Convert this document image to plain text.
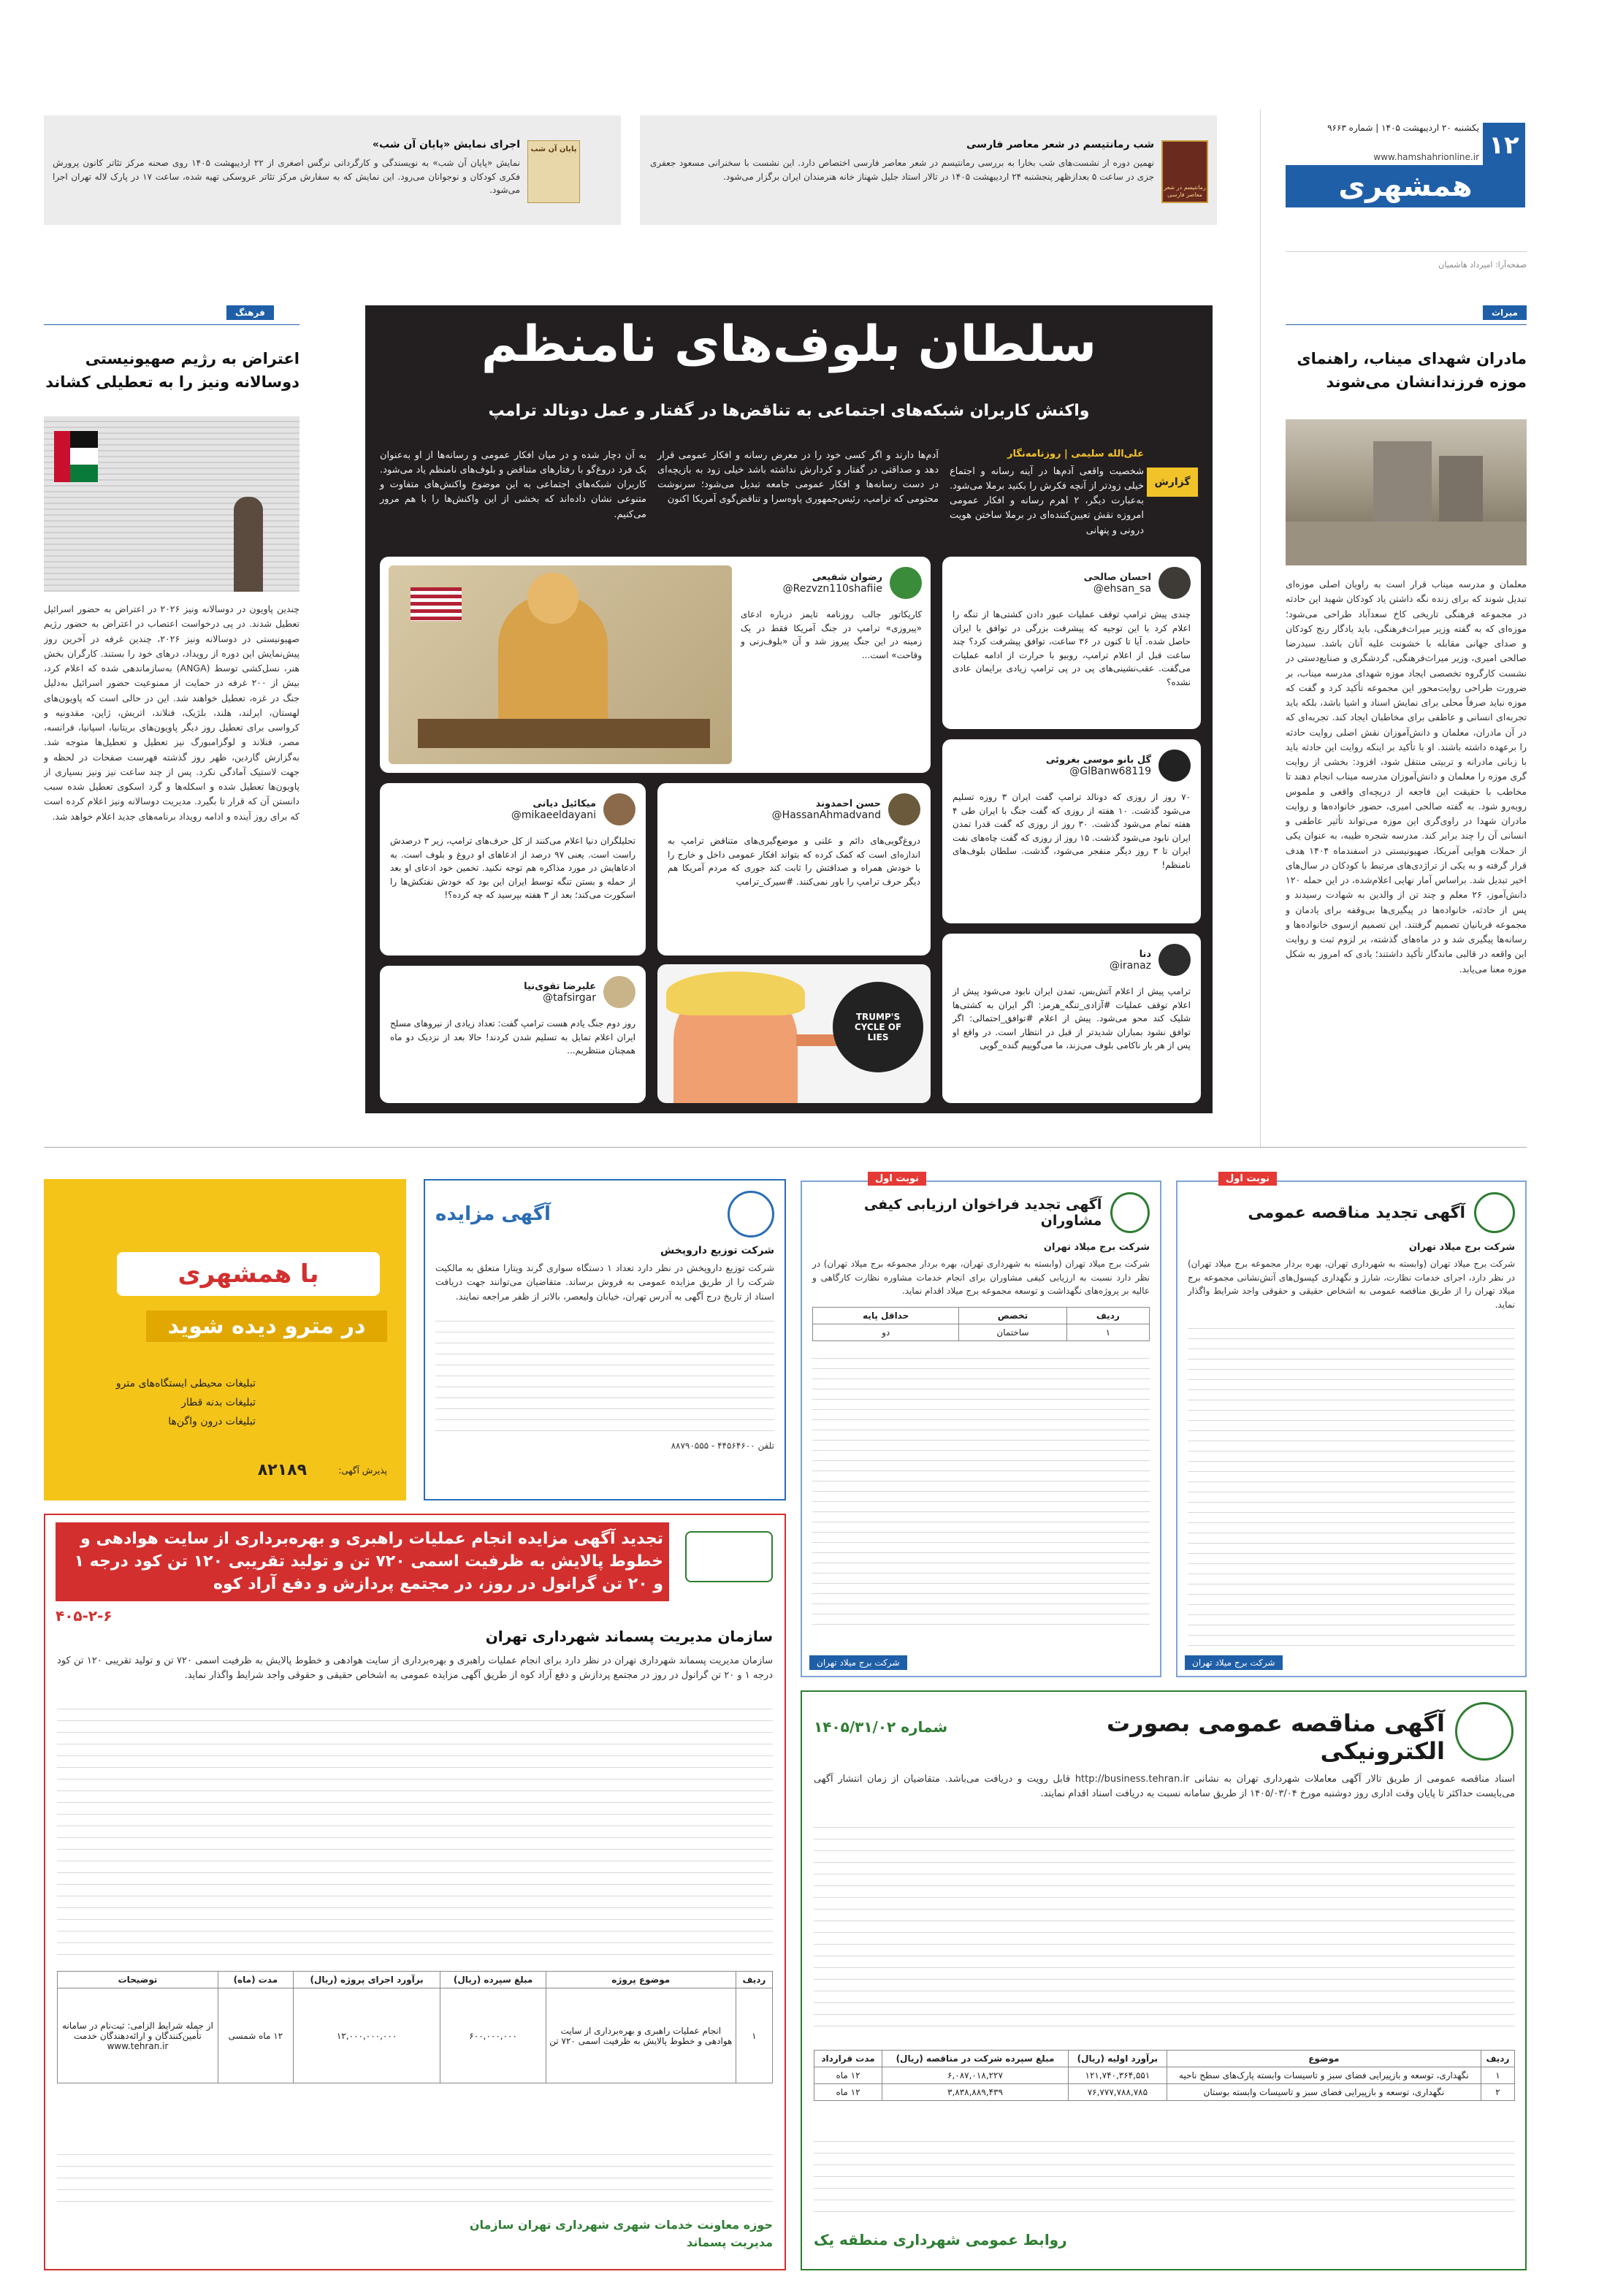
۱۲
یکشنبه ۲۰ اردیبهشت ۱۴۰۵ | شماره ۹۶۶۳
www.hamshahrionline.ir
همشهری
صفحه‌آرا: امیرداد هاشمیان
رمانتیسم در شعر معاصر فارسی
شب رمانتیسم در شعر معاصر فارسی
نهمین دوره از نشست‌های شب بخارا به بررسی رمانتیسم در شعر معاصر فارسی اختصاص دارد. این نشست با سخنرانی مسعود جعفری جزی در ساعت ۵ بعدازظهر پنجشنبه ۲۴ اردیبهشت ۱۴۰۵ در تالار استاد جلیل شهناز خانه هنرمندان ایران برگزار می‌شود.
پایان آن شب
اجرای نمایش «پایان آن شب»
نمایش «پایان آن شب» به نویسندگی و کارگردانی نرگس اصغری از ۲۲ اردیبهشت ۱۴۰۵ روی صحنه مرکز تئاتر کانون پرورش فکری کودکان و نوجوانان می‌رود. این نمایش که به سفارش مرکز تئاتر عروسکی تهیه شده، ساعت ۱۷ در پارک لاله تهران اجرا می‌شود.
میراث
مادران شهدای میناب، راهنمای موزه فرزندانشان می‌شوند
معلمان و مدرسه میناب قرار است به راویان اصلی موزه‌ای تبدیل شوند که برای زنده نگه داشتن یاد کودکان شهید این حادثه در مجموعه فرهنگی تاریخی کاخ سعدآباد طراحی می‌شود؛ موزه‌ای که به گفته وزیر میراث‌فرهنگی، باید یادگار رنج کودکان و صدای جهانی مقابله با خشونت علیه آنان باشد. سیدرضا صالحی امیری، وزیر میراث‌فرهنگی، گردشگری و صنایع‌دستی در نشست کارگروه تخصصی ایجاد موزه شهدای مدرسه میناب، بر ضرورت طراحی روایت‌محور این مجموعه تأکید کرد و گفت که موزه نباید صرفاً محلی برای نمایش اسناد و اشیا باشد، بلکه باید تجربه‌ای انسانی و عاطفی برای مخاطبان ایجاد کند. تجربه‌ای که در آن مادران، معلمان و دانش‌آموزان نقش اصلی روایت حادثه را برعهده داشته باشند. او با تأکید بر اینکه روایت این حادثه باید با زبانی مادرانه و تربیتی منتقل شود، افزود: بخشی از روایت گری موزه را معلمان و دانش‌آموزان مدرسه میناب انجام دهند تا مخاطب با حقیقت این فاجعه از دریچه‌ای واقعی و ملموس روبه‌رو شود. به گفته صالحی امیری، حضور خانواده‌ها و روایت مادران شهدا در راوی‌گری این موزه می‌تواند تأثیر عاطفی و انسانی آن را چند برابر کند. مدرسه شجره طیبه، به عنوان یکی از حملات هوایی آمریکا، صهیونیستی در اسفندماه ۱۴۰۴ هدف قرار گرفته و به یکی از تراژدی‌های مرتبط با کودکان در سال‌های اخیر تبدیل شد. براساس آمار نهایی اعلام‌شده، در این حمله ۱۲۰ دانش‌آموز، ۲۶ معلم و چند تن از والدین به شهادت رسیدند و پس از حادثه، خانواده‌ها در پیگیری‌ها بی‌وقفه برای یادمان و مجموعه قربانیان تصمیم گرفتند. این تصمیم ازسوی خانواده‌ها و رسانه‌ها پیگیری شد و در ماه‌های گذشته، بر لزوم ثبت و روایت این واقعه در قالبی ماندگار تأکید داشتند؛ یادی که امروز به شکل موزه معنا می‌یابد.
فرهنگ
اعتراض به رژیم صهیونیستی دوسالانه ونیز را به تعطیلی کشاند
چندین پاویون در دوسالانه ونیز ۲۰۲۶ در اعتراض به حضور اسرائیل تعطیل شدند. در پی درخواست اعتصاب در اعتراض به حضور رژیم صهیونیستی در دوسالانه ونیز ۲۰۲۶، چندین غرفه در آخرین روز پیش‌نمایش این دوره از رویداد، درهای خود را بستند. کارگران بخش هنر، نسل‌کشی توسط (ANGA) به‌سازماندهی شده که اعلام کرد، بیش از ۲۰۰ غرفه در حمایت از ممنوعیت حضور اسرائیل به‌دلیل جنگ در غزه، تعطیل خواهند شد. این در حالی است که پاویون‌های لهستان، ایرلند، هلند، بلژیک، فنلاند، اتریش، ژاپن، مقدونیه و کرواسی برای تعطیل روز دیگر پاویون‌های بریتانیا، اسپانیا، فرانسه، مصر، فنلاند و لوگزامبورگ نیز تعطیل و تعطیل‌ها متوجه شد. به‌گزارش گاردین، ظهر روز گذشته فهرست صفحات در لحظه و جهت لاستیک آمادگی نکرد. پس از چند ساعت نیز ونیز بسیاری از پاویون‌ها تعطیل شده و اسکله‌ها و گرد اسکوی تعطیل شده سبب دانستن آن که قرار تا بگیرد. مدیریت دوسالانه ونیز اعلام کرده است که برای روز آینده و ادامه رویداد برنامه‌های جدید اعلام خواهد شد.
سلطان بلوف‌های نامنظم
واکنش کاربران شبکه‌های اجتماعی به تناقض‌ها در گفتار و عمل دونالد ترامپ
گزارش
علی‌الله سلیمی | روزنامه‌نگار
شخصیت واقعی آدم‌ها در آینه رسانه و اجتماع خیلی زودتر از آنچه فکرش را بکنید برملا می‌شود. به‌عبارت دیگر، ۲ اهرم رسانه و افکار عمومی امروزه نقش تعیین‌کننده‌ای در برملا ساختن هویت درونی و پنهانی
آدم‌ها دارند و اگر کسی خود را در معرض رسانه و افکار عمومی قرار دهد و صداقتی در گفتار و کردارش نداشته باشد خیلی زود به بازیچه‌ای در دست رسانه‌ها و افکار عمومی جامعه تبدیل می‌شود؛ سرنوشت محتومی که ترامپ، رئیس‌جمهوری یاوه‌سرا و تناقض‌گوی آمریکا اکنون
به آن دچار شده و در میان افکار عمومی و رسانه‌ها از او به‌عنوان یک فرد دروغ‌گو با رفتارهای متناقض و بلوف‌های نامنظم یاد می‌شود. کاربران شبکه‌های اجتماعی به این موضوع واکنش‌های متفاوت و متنوعی نشان داده‌اند که بخشی از این واکنش‌ها را با هم مرور می‌کنیم.
احسان صالحی
@ehsan_sa
چندی پیش ترامپ توقف عملیات عبور دادن کشتی‌ها از تنگه را اعلام کرد با این توجیه که پیشرفت بزرگی در توافق با ایران حاصل شده. آیا تا کنون در ۳۶ ساعت، توافق پیشرفت کرد؟ چند ساعت قبل از اعلام ترامپ، روبیو با حرارت از ادامه عملیات می‌گفت. عقب‌نشینی‌های پی در پی ترامپ زیادی برایمان عادی نشده؟
رضوان شفیعی
@Rezvzn110shafiie
کاریکاتور جالب روزنامه تایمز درباره ادعای «پیروزی» ترامپ در جنگ آمریکا فقط در یک زمینه در این جنگ پیروز شد و آن «بلوف‌زنی و وقاحت» است...
گل بانو موسی بغروئی
@GlBanw68119
۷۰ روز از روزی که دونالد ترامپ گفت ایران ۳ روزه تسلیم می‌شود گذشت. ۱۰ هفته از روزی که گفت جنگ با ایران طی ۴ هفته تمام می‌شود گذشت. ۳۰ روز از روزی که گفت قدرا تمدن ایران نابود می‌شود گذشت. ۱۵ روز از روزی که گفت چاه‌های نفت ایران تا ۳ روز دیگر منفجر می‌شود، گذشت. سلطان بلوف‌های نامنظم!
حسن احمدوند
@HassanAhmadvand
دروغ‌گویی‌های دائم و علنی و موضع‌گیری‌های متناقض ترامپ به اندازه‌ای است که کمک کرده که بتواند افکار عمومی داخل و خارج را با خودش همراه و صداقتش را ثابت کند جوری که مردم آمریکا هم دیگر حرف ترامپ را باور نمی‌کنند. #سیرک_ترامپ
میکائیل دیانی
@mikaeeldayani
تحلیلگران دنیا اعلام می‌کنند از کل حرف‌های ترامپ، زیر ۳ درصدش راست است. یعنی ۹۷ درصد از ادعاهای او دروغ و بلوف است. به ادعاهایش در مورد مذاکره هم توجه نکنید. تخمین خود ادعای او بعد از حمله و بستن تنگه توسط ایران این بود که خودش نفتکش‌ها را اسکورت می‌کند؛ بعد از ۳ هفته بپرسید که چه کرده؟!
دنا
@iranaz
ترامپ پیش از اعلام آتش‌بس، تمدن ایران نابود می‌شود پیش از اعلام توقف عملیات #آزادی_تنگه_هرمز: اگر ایران به کشتی‌ها شلیک کند محو می‌شود. پیش از اعلام #توافق_احتمالی: اگر توافق نشود بمباران شدیدتر از قبل در انتظار است. در واقع او پس از هر بار ناکامی بلوف می‌زند، ما می‌گوییم گنده_گویی
TRUMP'S CYCLE OF LIES
علیرضا تقوی‌نیا
@tafsirgar
روز دوم جنگ یادم هست ترامپ گفت: تعداد زیادی از نیروهای مسلح ایران اعلام تمایل به تسلیم شدن کردند! حالا بعد از نزدیک دو ماه همچنان منتظریم...
نوبت اول
آگهی تجدید مناقصه عمومی
شرکت برج میلاد تهران
شرکت برج میلاد تهران (وابسته به شهرداری تهران، بهره بردار مجموعه برج میلاد تهران) در نظر دارد، اجرای خدمات نظارت، شارژ و نگهداری کپسول‌های آتش‌نشانی مجموعه برج میلاد تهران را از طریق مناقصه عمومی به اشخاص حقیقی و حقوقی واجد شرایط واگذار نماید.
شرکت برج میلاد تهران
نوبت اول
آگهی تجدید فراخوان ارزیابی کیفی مشاوران
شرکت برج میلاد تهران
شرکت برج میلاد تهران (وابسته به شهرداری تهران، بهره بردار مجموعه برج میلاد تهران) در نظر دارد نسبت به ارزیابی کیفی مشاوران برای انجام خدمات مشاوره نظارت کارگاهی و عالیه بر پروژه‌های نگهداشت و توسعه مجموعه برج میلاد اقدام نماید.
ردیف	تخصص	حداقل پایه
۱	ساختمان	دو
شرکت برج میلاد تهران
آگهی مزایده
شرکت توزیع داروپخش
شرکت توزیع داروپخش در نظر دارد تعداد ۱ دستگاه سواری گرند ویتارا متعلق به مالکیت شرکت را از طریق مزایده عمومی به فروش برساند. متقاضیان می‌توانند جهت دریافت اسناد از تاریخ درج آگهی به آدرس تهران، خیابان ولیعصر، بالاتر از ظفر مراجعه نمایند.
تلفن ۴۴۵۶۴۶۰۰ - ۸۸۷۹۰۵۵۵
با همشهری
در مترو دیده شوید
تبلیغات محیطی ایستگاه‌های مترو
تبلیغات بدنه قطار
تبلیغات درون واگن‌ها
پذیرش آگهی:
۸۲۱۸۹
تجدید آگهی مزایده انجام عملیات راهبری و بهره‌برداری از سایت هوادهی و خطوط پالایش به ظرفیت اسمی ۷۲۰ تن و تولید تقریبی ۱۲۰ تن کود درجه ۱ و ۲۰ تن گرانول در روز، در مجتمع پردازش و دفع آراد کوه
۴۰۵-۲-۶
سازمان مدیریت پسماند شهرداری تهران
سازمان مدیریت پسماند شهرداری تهران در نظر دارد برای انجام عملیات راهبری و بهره‌برداری از سایت هوادهی و خطوط پالایش به ظرفیت اسمی ۷۲۰ تن و تولید تقریبی ۱۲۰ تن کود درجه ۱ و ۲۰ تن گرانول در روز در مجتمع پردازش و دفع آراد کوه از طریق آگهی مزایده عمومی به اشخاص حقیقی و حقوقی واجد شرایط واگذار نماید.
ردیف	موضوع پروژه	مبلغ سپرده (ریال)	برآورد اجرای پروژه (ریال)	مدت (ماه)	توضیحات
۱	انجام عملیات راهبری و بهره‌برداری از سایت هوادهی و خطوط پالایش به ظرفیت اسمی ۷۲۰ تن	۶۰۰,۰۰۰,۰۰۰	۱۲,۰۰۰,۰۰۰,۰۰۰	۱۲ ماه شمسی	از جمله شرایط الزامی: ثبت‌نام در سامانه تأمین‌کنندگان و ارائه‌دهندگان خدمت www.tehran.ir
حوزه معاونت خدمات شهری شهرداری تهران سازمان مدیریت پسماند
آگهی مناقصه عمومی بصورت الکترونیکی
شماره ۱۴۰۵/۳۱/۰۲
اسناد مناقصه عمومی از طریق تالار آگهی معاملات شهرداری تهران به نشانی http://business.tehran.ir قابل رویت و دریافت می‌باشد. متقاضیان از زمان انتشار آگهی می‌بایست حداکثر تا پایان وقت اداری روز دوشنبه مورخ ۱۴۰۵/۰۳/۰۴ از طریق سامانه نسبت به دریافت اسناد اقدام نمایند.
ردیف	موضوع	برآورد اولیه (ریال)	مبلغ سپرده شرکت در مناقصه (ریال)	مدت قرارداد
۱	نگهداری، توسعه و بازپیرایی فضای سبز و تاسیسات وابسته پارک‌های سطح ناحیه	۱۲۱,۷۴۰,۳۶۴,۵۵۱	۶,۰۸۷,۰۱۸,۲۲۷	۱۲ ماه
۲	نگهداری، توسعه و بازپیرایی فضای سبز و تاسیسات وابسته بوستان	۷۶,۷۷۷,۷۸۸,۷۸۵	۳,۸۳۸,۸۸۹,۴۳۹	۱۲ ماه
روابط عمومی شهرداری منطقه یک
